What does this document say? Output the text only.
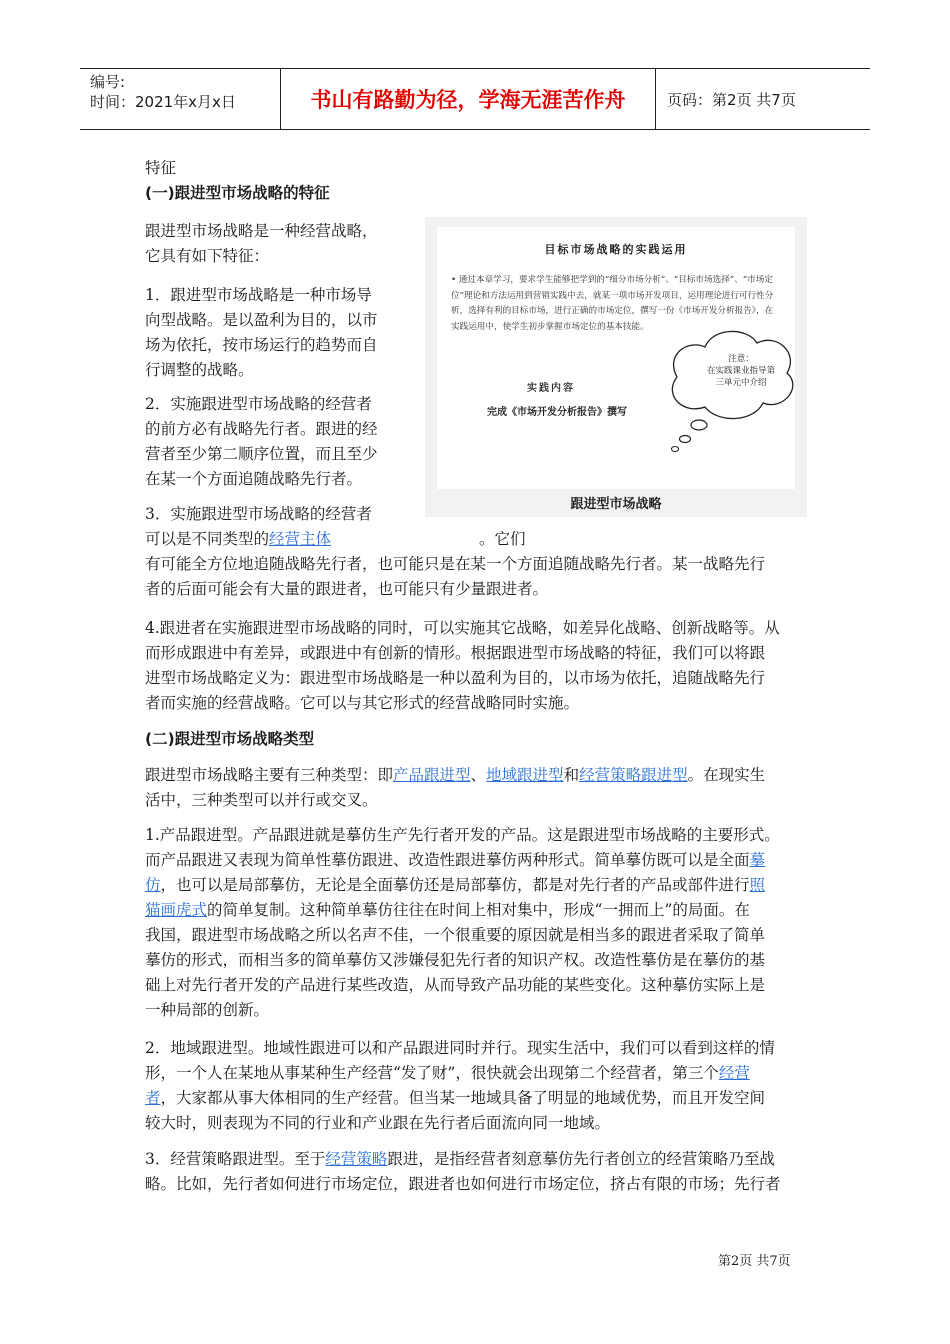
编号:
时间：2021年x月x日	书山有路勤为径，学海无涯苦作舟	页码：第2页 共7页
特征
(一)跟进型市场战略的特征
跟进型市场战略是一种经营战略，
它具有如下特征：
1．跟进型市场战略是一种市场导
向型战略。是以盈利为目的，以市
场为依托，按市场运行的趋势而自
行调整的战略。
2．实施跟进型市场战略的经营者
的前方必有战略先行者。跟进的经
营者至少第二顺序位置，而且至少
在某一个方面追随战略先行者。
3．实施跟进型市场战略的经营者
可以是不同类型的经营主体	。它们
有可能全方位地追随战略先行者，也可能只是在某一个方面追随战略先行者。某一战略先行
者的后面可能会有大量的跟进者，也可能只有少量跟进者。
4.跟进者在实施跟进型市场战略的同时，可以实施其它战略，如差异化战略、创新战略等。从
而形成跟进中有差异，或跟进中有创新的情形。根据跟进型市场战略的特征，我们可以将跟
进型市场战略定义为：跟进型市场战略是一种以盈利为目的，以市场为依托，追随战略先行
者而实施的经营战略。它可以与其它形式的经营战略同时实施。
(二)跟进型市场战略类型
跟进型市场战略主要有三种类型：即产品跟进型、地域跟进型和经营策略跟进型。在现实生
活中，三种类型可以并行或交叉。
1.产品跟进型。产品跟进就是摹仿生产先行者开发的产品。这是跟进型市场战略的主要形式。
而产品跟进又表现为简单性摹仿跟进、改造性跟进摹仿两种形式。简单摹仿既可以是全面摹
仿，也可以是局部摹仿，无论是全面摹仿还是局部摹仿，都是对先行者的产品或部件进行照
猫画虎式的简单复制。这种简单摹仿往往在时间上相对集中，形成“一拥而上”的局面。在
我国，跟进型市场战略之所以名声不佳，一个很重要的原因就是相当多的跟进者采取了简单
摹仿的形式，而相当多的简单摹仿又涉嫌侵犯先行者的知识产权。改造性摹仿是在摹仿的基
础上对先行者开发的产品进行某些改造，从而导致产品功能的某些变化。这种摹仿实际上是
一种局部的创新。
2．地域跟进型。地域性跟进可以和产品跟进同时并行。现实生活中，我们可以看到这样的情
形，一个人在某地从事某种生产经营“发了财”，很快就会出现第二个经营者，第三个经营
者，大家都从事大体相同的生产经营。但当某一地域具备了明显的地域优势，而且开发空间
较大时，则表现为不同的行业和产业跟在先行者后面流向同一地域。
3．经营策略跟进型。至于经营策略跟进，是指经营者刻意摹仿先行者创立的经营策略乃至战
略。比如，先行者如何进行市场定位，跟进者也如何进行市场定位，挤占有限的市场；先行者
目标市场战略的实践运用
• 通过本章学习，要求学生能够把学到的“细分市场分析”、“目标市场选择”、“市场定位”理论和方法运用到营销实践中去，就某一项市场开发项目，运用理论进行可行性分析，选择有利的目标市场，进行正确的市场定位，撰写一份《市场开发分析报告》，在实践运用中，使学生初步掌握市场定位的基本技能。
实践内容
完成《市场开发分析报告》撰写
注意：
在实践课业指导第
三单元中介绍
跟进型市场战略
第2页 共7页
